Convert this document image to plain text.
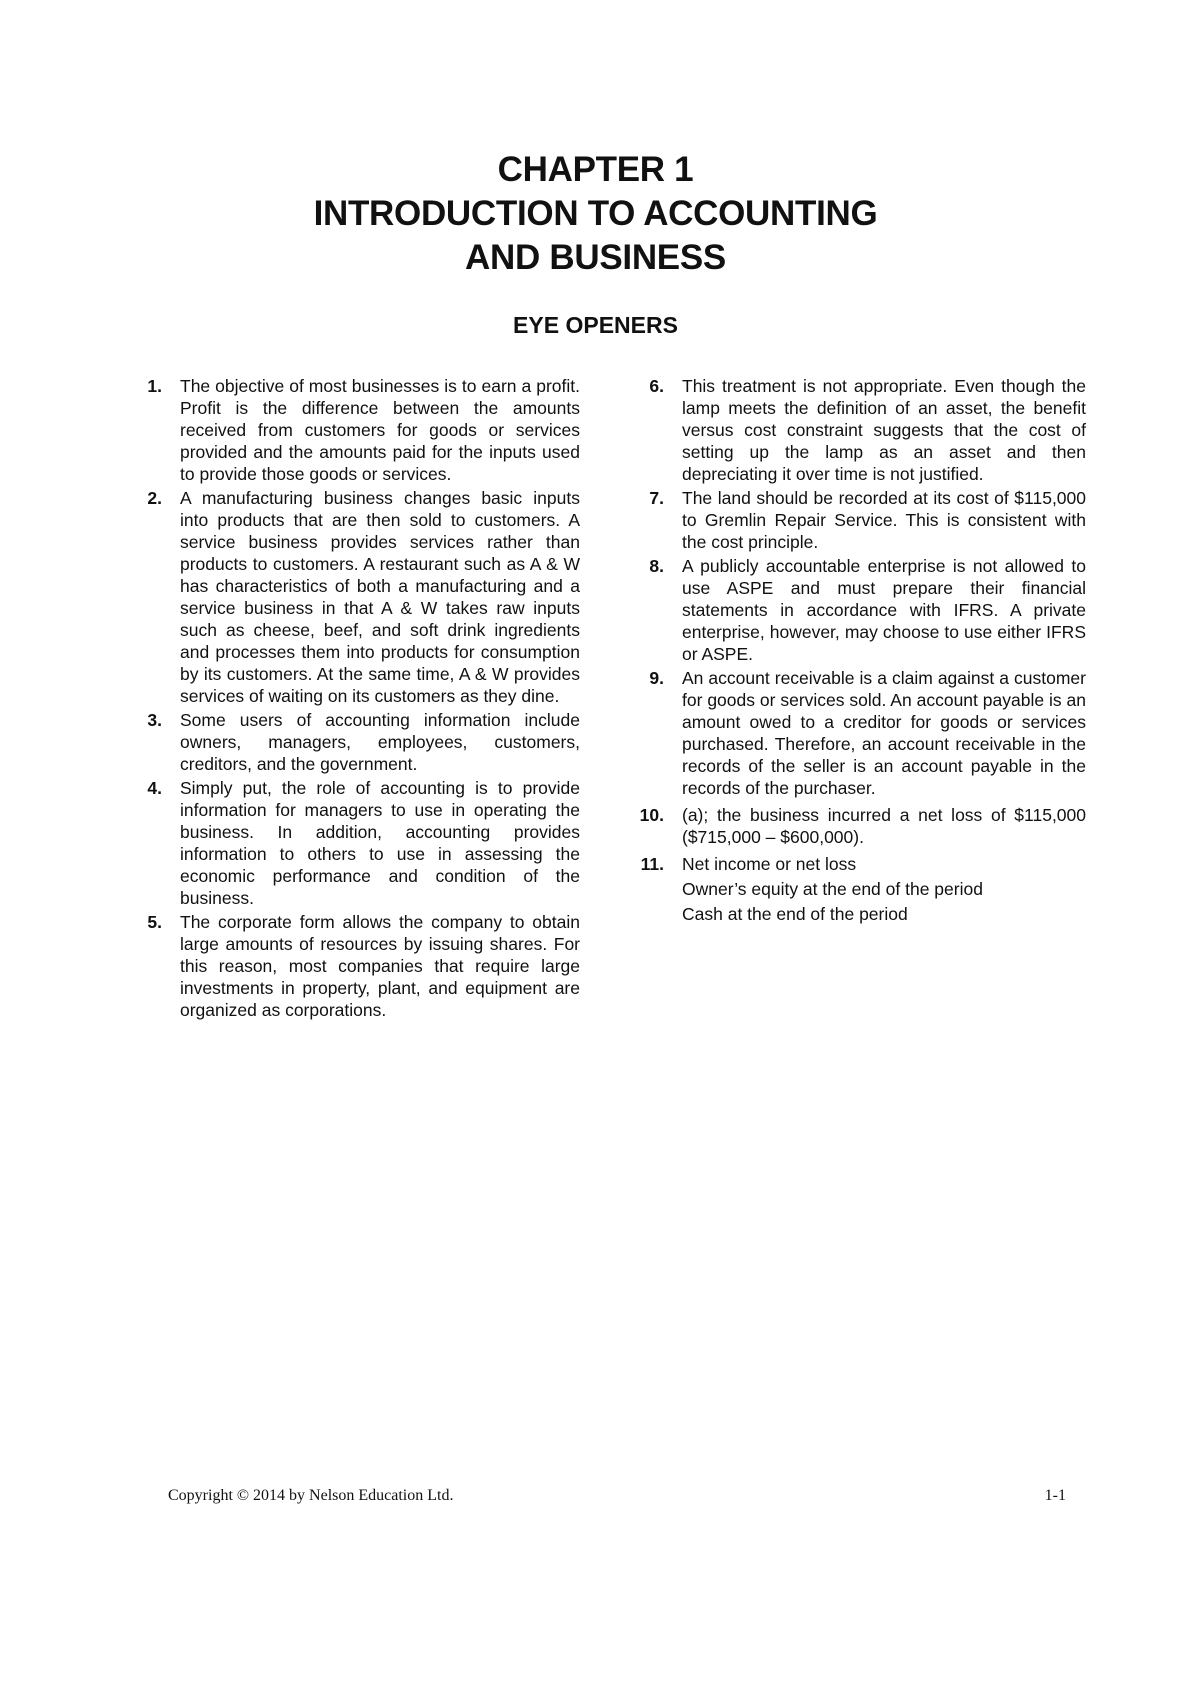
CHAPTER 1
INTRODUCTION TO ACCOUNTING
AND BUSINESS
EYE OPENERS
1. The objective of most businesses is to earn a profit. Profit is the difference between the amounts received from customers for goods or services provided and the amounts paid for the inputs used to provide those goods or services.
2. A manufacturing business changes basic inputs into products that are then sold to customers. A service business provides services rather than products to customers. A restaurant such as A & W has characteristics of both a manufacturing and a service business in that A & W takes raw inputs such as cheese, beef, and soft drink ingredients and processes them into products for consumption by its customers. At the same time, A & W provides services of waiting on its customers as they dine.
3. Some users of accounting information include owners, managers, employees, customers, creditors, and the government.
4. Simply put, the role of accounting is to provide information for managers to use in operating the business. In addition, accounting provides information to others to use in assessing the economic performance and condition of the business.
5. The corporate form allows the company to obtain large amounts of resources by issuing shares. For this reason, most companies that require large investments in property, plant, and equipment are organized as corporations.
6. This treatment is not appropriate. Even though the lamp meets the definition of an asset, the benefit versus cost constraint suggests that the cost of setting up the lamp as an asset and then depreciating it over time is not justified.
7. The land should be recorded at its cost of $115,000 to Gremlin Repair Service. This is consistent with the cost principle.
8. A publicly accountable enterprise is not allowed to use ASPE and must prepare their financial statements in accordance with IFRS. A private enterprise, however, may choose to use either IFRS or ASPE.
9. An account receivable is a claim against a customer for goods or services sold. An account payable is an amount owed to a creditor for goods or services purchased. Therefore, an account receivable in the records of the seller is an account payable in the records of the purchaser.
10. (a); the business incurred a net loss of $115,000 ($715,000 – $600,000).
11. Net income or net loss
Owner’s equity at the end of the period
Cash at the end of the period
Copyright © 2014 by Nelson Education Ltd.	1-1
